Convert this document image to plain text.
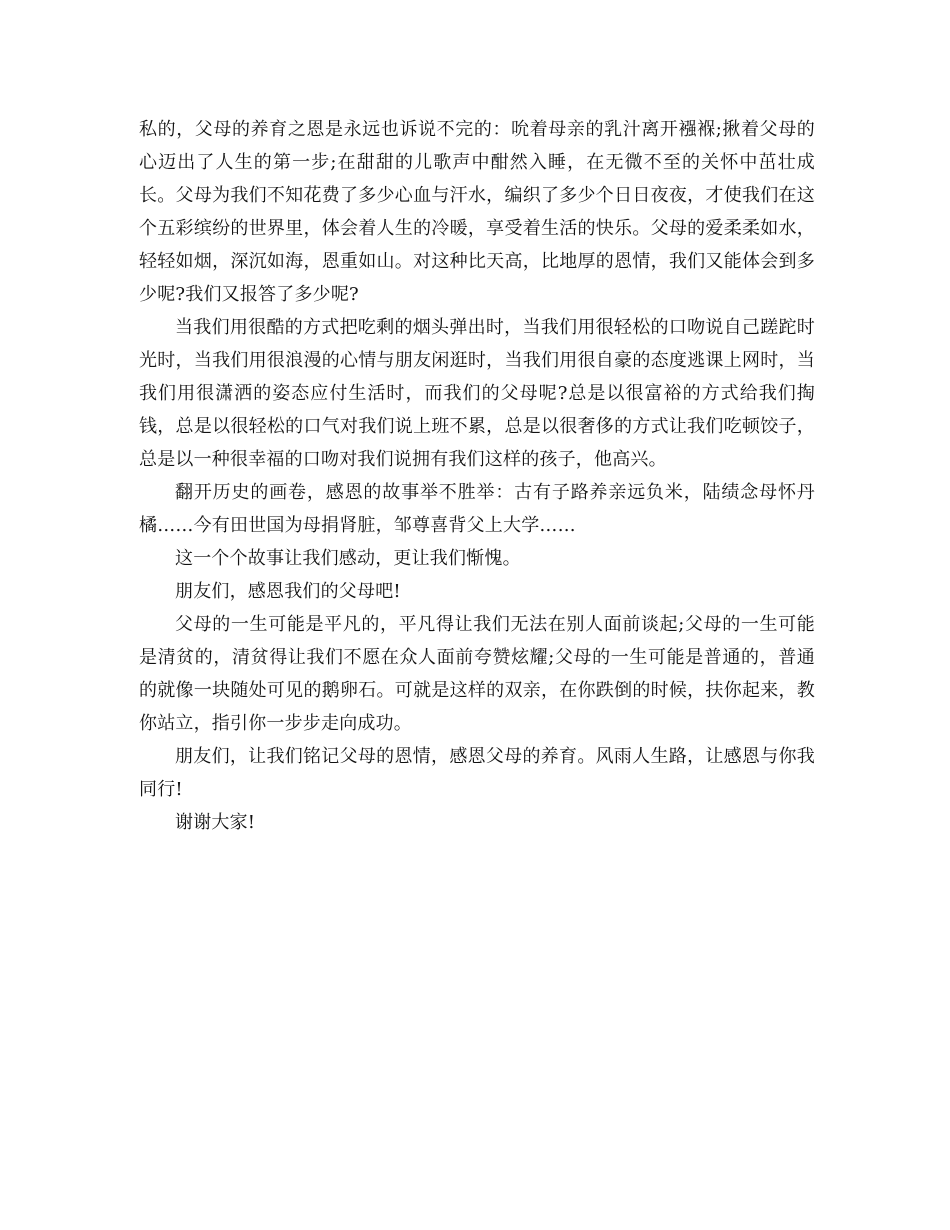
私的，父母的养育之恩是永远也诉说不完的：吮着母亲的乳汁离开襁褓;揪着父母的心迈出了人生的第一步;在甜甜的儿歌声中酣然入睡，在无微不至的关怀中茁壮成长。父母为我们不知花费了多少心血与汗水，编织了多少个日日夜夜，才使我们在这个五彩缤纷的世界里，体会着人生的冷暖，享受着生活的快乐。父母的爱柔柔如水，轻轻如烟，深沉如海，恩重如山。对这种比天高，比地厚的恩情，我们又能体会到多少呢?我们又报答了多少呢?

当我们用很酷的方式把吃剩的烟头弹出时，当我们用很轻松的口吻说自己蹉跎时光时，当我们用很浪漫的心情与朋友闲逛时，当我们用很自豪的态度逃课上网时，当我们用很潇洒的姿态应付生活时，而我们的父母呢?总是以很富裕的方式给我们掏钱，总是以很轻松的口气对我们说上班不累，总是以很奢侈的方式让我们吃顿饺子，总是以一种很幸福的口吻对我们说拥有我们这样的孩子，他高兴。

翻开历史的画卷，感恩的故事举不胜举：古有子路养亲远负米，陆绩念母怀丹橘……今有田世国为母捐肾脏，邹尊喜背父上大学……

这一个个故事让我们感动，更让我们惭愧。

朋友们，感恩我们的父母吧!

父母的一生可能是平凡的，平凡得让我们无法在别人面前谈起;父母的一生可能是清贫的，清贫得让我们不愿在众人面前夸赞炫耀;父母的一生可能是普通的，普通的就像一块随处可见的鹅卵石。可就是这样的双亲，在你跌倒的时候，扶你起来，教你站立，指引你一步步走向成功。

朋友们，让我们铭记父母的恩情，感恩父母的养育。风雨人生路，让感恩与你我同行!

谢谢大家!
